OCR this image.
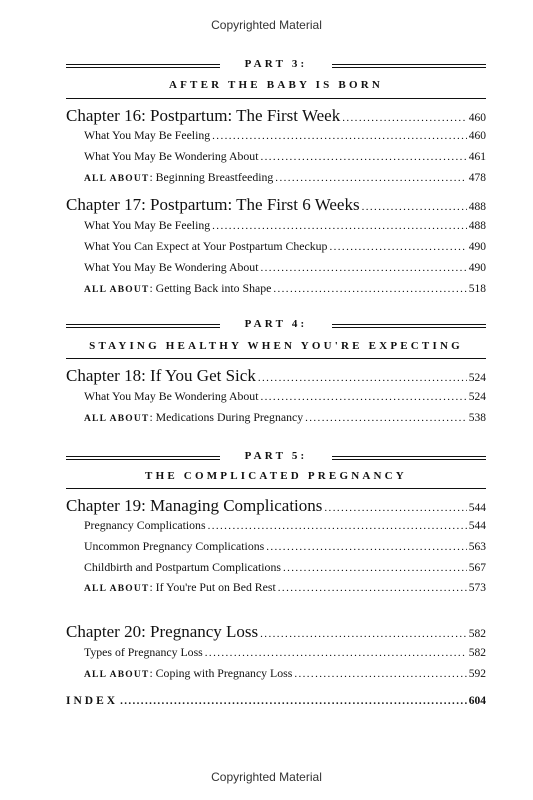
Copyrighted Material
PART 3:
AFTER THE BABY IS BORN
Chapter 16: Postpartum: The First Week .....	460
What You May Be Feeling .....	460
What You May Be Wondering About .....	461
ALL ABOUT: Beginning Breastfeeding .....	478
Chapter 17: Postpartum: The First 6 Weeks .....	488
What You May Be Feeling .....	488
What You Can Expect at Your Postpartum Checkup .....	490
What You May Be Wondering About .....	490
ALL ABOUT: Getting Back into Shape .....	518
PART 4:
STAYING HEALTHY WHEN YOU'RE EXPECTING
Chapter 18: If You Get Sick .....	524
What You May Be Wondering About .....	524
ALL ABOUT: Medications During Pregnancy .....	538
PART 5:
THE COMPLICATED PREGNANCY
Chapter 19: Managing Complications .....	544
Pregnancy Complications .....	544
Uncommon Pregnancy Complications .....	563
Childbirth and Postpartum Complications .....	567
ALL ABOUT: If You're Put on Bed Rest .....	573
Chapter 20: Pregnancy Loss .....	582
Types of Pregnancy Loss .....	582
ALL ABOUT: Coping with Pregnancy Loss .....	592
INDEX .....	604
Copyrighted Material
